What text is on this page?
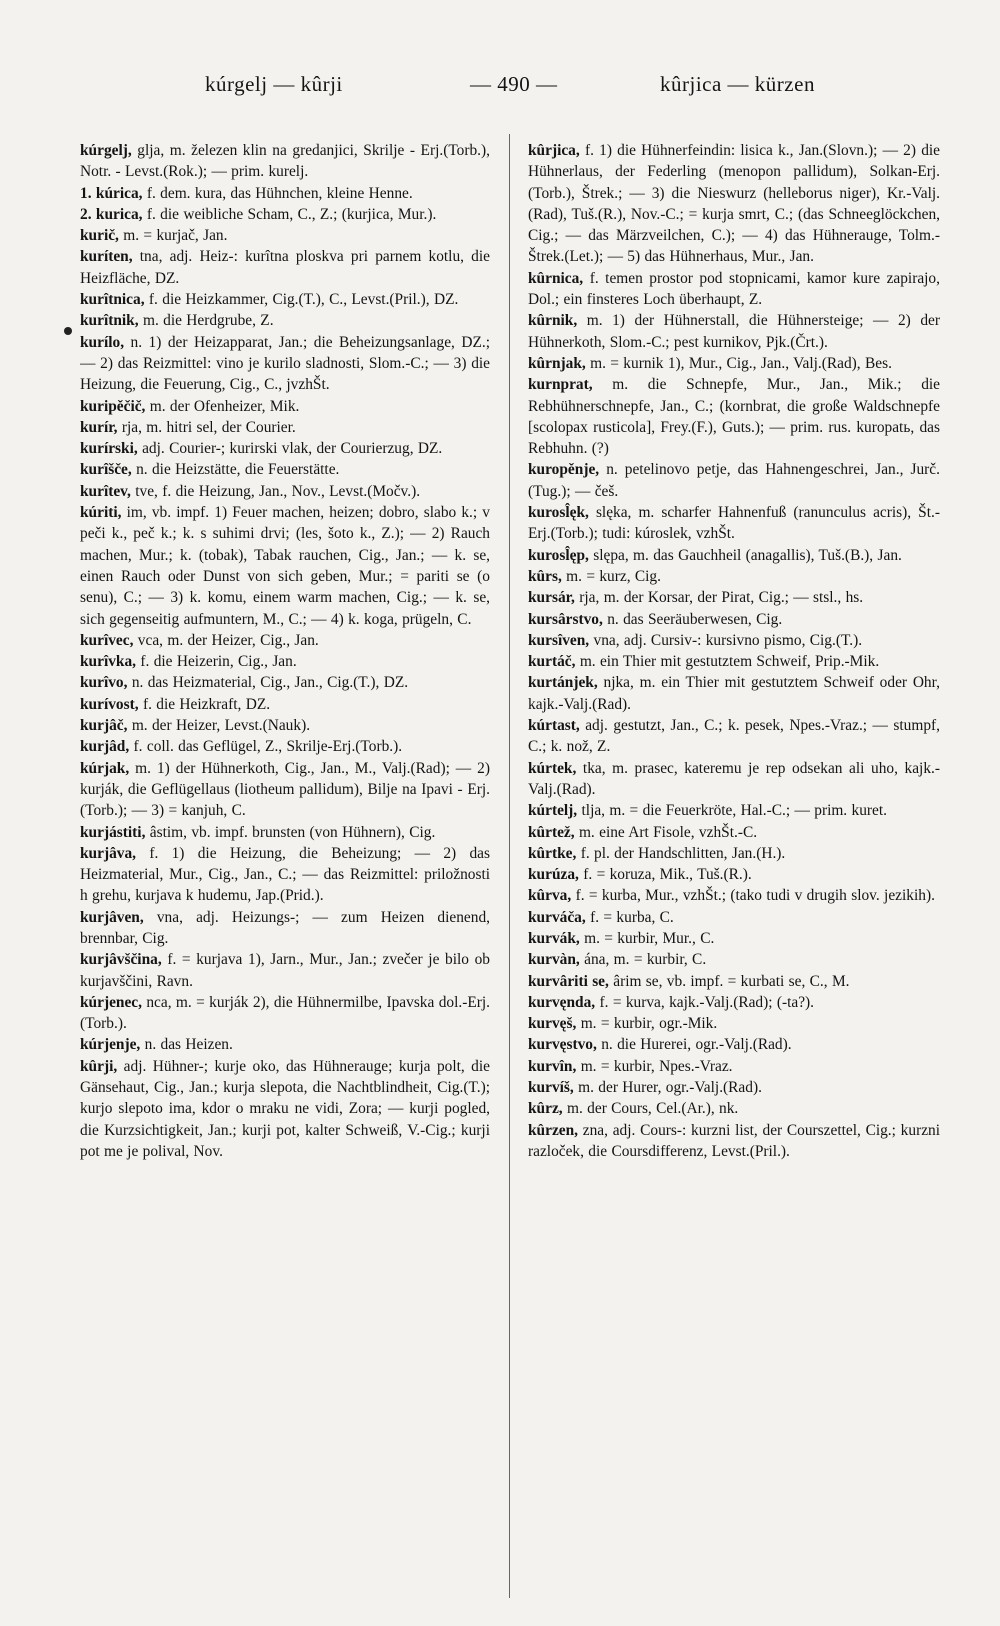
kúrgelj — kûrji	— 490 —	kûrjica — kürzen

kúrgelj, glja, m. železen klin na gredanjici, Skrilje - Erj.(Torb.), Notr. - Levst.(Rok.); — prim. kurelj.

1. kúrica, f. dem. kura, das Hühnchen, kleine Henne.

2. kurica, f. die weibliche Scham, C., Z.; (kurjica, Mur.).

kurič, m. = kurjač, Jan.

kuríten, tna, adj. Heiz-: kurîtna ploskva pri parnem kotlu, die Heizfläche, DZ.

kurîtnica, f. die Heizkammer, Cig.(T.), C., Levst.(Pril.), DZ.

kurîtnik, m. die Herdgrube, Z.

kurílo, n. 1) der Heizapparat, Jan.; die Beheizungsanlage, DZ.; — 2) das Reizmittel: vino je kurilo sladnosti, Slom.-C.; — 3) die Heizung, die Feuerung, Cig., C., jvzhŠt.

kuripěčič, m. der Ofenheizer, Mik.

kurír, rja, m. hitri sel, der Courier.

kurírski, adj. Courier-; kurirski vlak, der Courierzug, DZ.

kurîšče, n. die Heizstätte, die Feuerstätte.

kurîtev, tve, f. die Heizung, Jan., Nov., Levst.(Močv.).

kúriti, im, vb. impf. 1) Feuer machen, heizen; dobro, slabo k.; v peči k., peč k.; k. s suhimi drvi; (les, šoto k., Z.); — 2) Rauch machen, Mur.; k. (tobak), Tabak rauchen, Cig., Jan.; — k. se, einen Rauch oder Dunst von sich geben, Mur.; = pariti se (o senu), C.; — 3) k. komu, einem warm machen, Cig.; — k. se, sich gegenseitig aufmuntern, M., C.; — 4) k. koga, prügeln, C.

kurîvec, vca, m. der Heizer, Cig., Jan.

kurîvka, f. die Heizerin, Cig., Jan.

kurîvo, n. das Heizmaterial, Cig., Jan., Cig.(T.), DZ.

kurívost, f. die Heizkraft, DZ.

kurjâč, m. der Heizer, Levst.(Nauk).

kurjâd, f. coll. das Geflügel, Z., Skrilje-Erj.(Torb.).

kúrjak, m. 1) der Hühnerkoth, Cig., Jan., M., Valj.(Rad); — 2) kurják, die Geflügellaus (liotheum pallidum), Bilje na Ipavi - Erj.(Torb.); — 3) = kanjuh, C.

kurjástiti, âstim, vb. impf. brunsten (von Hühnern), Cig.

kurjâva, f. 1) die Heizung, die Beheizung; — 2) das Heizmaterial, Mur., Cig., Jan., C.; — das Reizmittel: priložnosti h grehu, kurjava k hudemu, Jap.(Prid.).

kurjâven, vna, adj. Heizungs-; — zum Heizen dienend, brennbar, Cig.

kurjâvščina, f. = kurjava 1), Jarn., Mur., Jan.; zvečer je bilo ob kurjavščini, Ravn.

kúrjenec, nca, m. = kurják 2), die Hühnermilbe, Ipavska dol.-Erj.(Torb.).

kúrjenje, n. das Heizen.

kûrji, adj. Hühner-; kurje oko, das Hühnerauge; kurja polt, die Gänsehaut, Cig., Jan.; kurja slepota, die Nachtblindheit, Cig.(T.); kurjo slepoto ima, kdor o mraku ne vidi, Zora; — kurji pogled, die Kurzsichtigkeit, Jan.; kurji pot, kalter Schweiß, V.-Cig.; kurji pot me je polival, Nov.

kûrjica, f. 1) die Hühnerfeindin: lisica k., Jan.(Slovn.); — 2) die Hühnerlaus, der Federling (menopon pallidum), Solkan-Erj.(Torb.), Štrek.; — 3) die Nieswurz (helleborus niger), Kr.-Valj.(Rad), Tuš.(R.), Nov.-C.; = kurja smrt, C.; (das Schneeglöckchen, Cig.; — das Märzveilchen, C.); — 4) das Hühnerauge, Tolm.-Štrek.(Let.); — 5) das Hühnerhaus, Mur., Jan.

kûrnica, f. temen prostor pod stopnicami, kamor kure zapirajo, Dol.; ein finsteres Loch überhaupt, Z.

kûrnik, m. 1) der Hühnerstall, die Hühnersteige; — 2) der Hühnerkoth, Slom.-C.; pest kurnikov, Pjk.(Črt.).

kûrnjak, m. = kurnik 1), Mur., Cig., Jan., Valj.(Rad), Bes.

kurnprat, m. die Schnepfe, Mur., Jan., Mik.; die Rebhühnerschnepfe, Jan., C.; (kornbrat, die große Waldschnepfe [scolopax rusticola], Frey.(F.), Guts.); — prim. rus. kuropatь, das Rebhuhn. (?)

kuropěnje, n. petelinovo petje, das Hahnengeschrei, Jan., Jurč.(Tug.); — češ.

kurosl̂ęk, slęka, m. scharfer Hahnenfuß (ranunculus acris), Št.-Erj.(Torb.); tudi: kúroslek, vzhŠt.

kurosl̂ęp, slępa, m. das Gauchheil (anagallis), Tuš.(B.), Jan.

kûrs, m. = kurz, Cig.

kursár, rja, m. der Korsar, der Pirat, Cig.; — stsl., hs.

kursârstvo, n. das Seeräuberwesen, Cig.

kursîven, vna, adj. Cursiv-: kursivno pismo, Cig.(T.).

kurtáč, m. ein Thier mit gestutztem Schweif, Prip.-Mik.

kurtánjek, njka, m. ein Thier mit gestutztem Schweif oder Ohr, kajk.-Valj.(Rad).

kúrtast, adj. gestutzt, Jan., C.; k. pesek, Npes.-Vraz.; — stumpf, C.; k. nož, Z.

kúrtek, tka, m. prasec, kateremu je rep odsekan ali uho, kajk.-Valj.(Rad).

kúrtelj, tlja, m. = die Feuerkröte, Hal.-C.; — prim. kuret.

kûrtež, m. eine Art Fisole, vzhŠt.-C.

kûrtke, f. pl. der Handschlitten, Jan.(H.).

kurúza, f. = koruza, Mik., Tuš.(R.).

kûrva, f. = kurba, Mur., vzhŠt.; (tako tudi v drugih slov. jezikih).

kurváča, f. = kurba, C.

kurvák, m. = kurbir, Mur., C.

kurvàn, ána, m. = kurbir, C.

kurvâriti se, ârim se, vb. impf. = kurbati se, C., M.

kurvęnda, f. = kurva, kajk.-Valj.(Rad); (-ta?).

kurvęš, m. = kurbir, ogr.-Mik.

kurvęstvo, n. die Hurerei, ogr.-Valj.(Rad).

kurvîn, m. = kurbir, Npes.-Vraz.

kurvíš, m. der Hurer, ogr.-Valj.(Rad).

kûrz, m. der Cours, Cel.(Ar.), nk.

kûrzen, zna, adj. Cours-: kurzni list, der Courszettel, Cig.; kurzni razloček, die Coursdifferenz, Levst.(Pril.).
